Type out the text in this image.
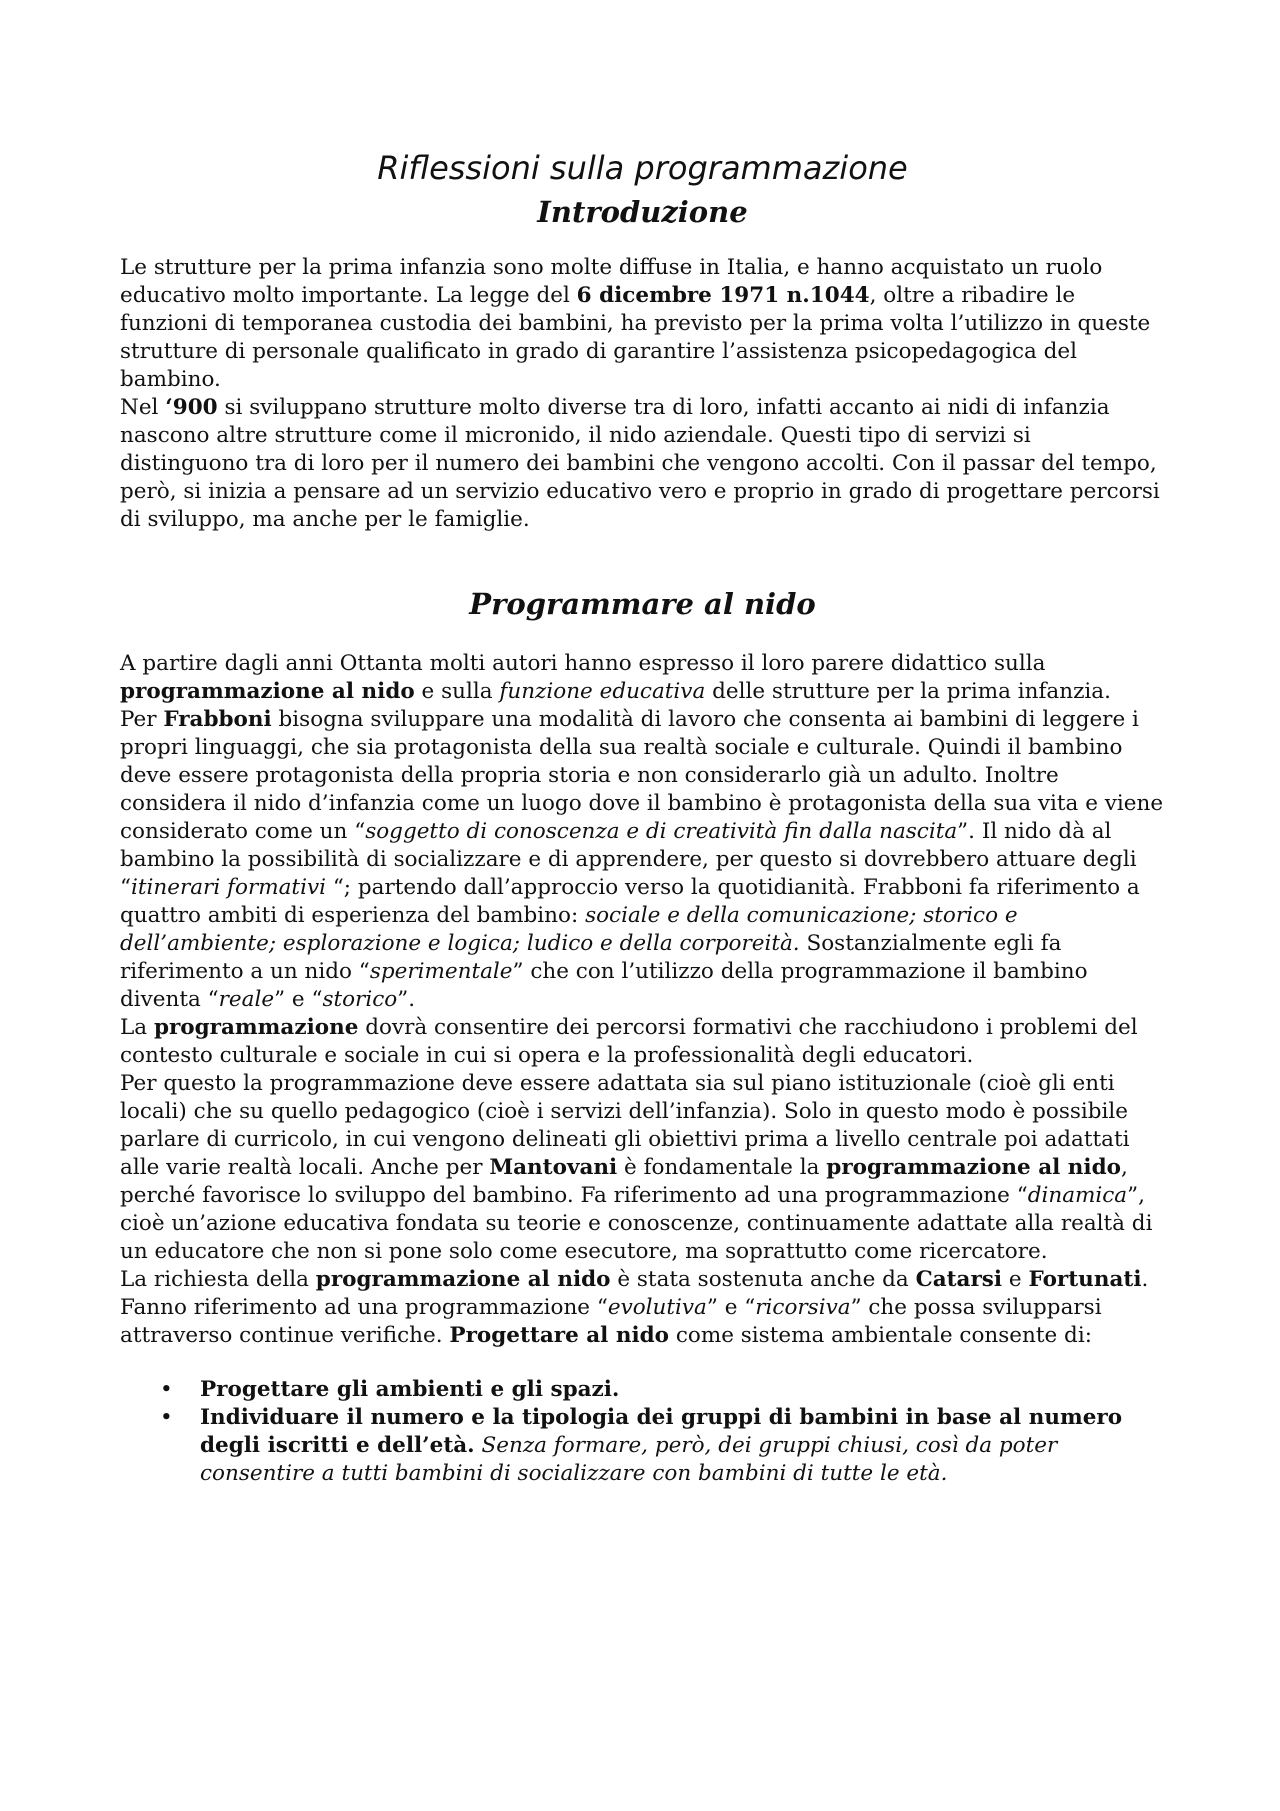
Riflessioni sulla programmazione
Introduzione

Le strutture per la prima infanzia sono molte diffuse in Italia, e hanno acquistato un ruolo educativo molto importante. La legge del 6 dicembre 1971 n.1044, oltre a ribadire le funzioni di temporanea custodia dei bambini, ha previsto per la prima volta l’utilizzo in queste strutture di personale qualificato in grado di garantire l’assistenza psicopedagogica del bambino.

Nel ‘900 si sviluppano strutture molto diverse tra di loro, infatti accanto ai nidi di infanzia nascono altre strutture come il micronido, il nido aziendale. Questi tipo di servizi si distinguono tra di loro per il numero dei bambini che vengono accolti. Con il passar del tempo, però, si inizia a pensare ad un servizio educativo vero e proprio in grado di progettare percorsi di sviluppo, ma anche per le famiglie.

Programmare al nido

A partire dagli anni Ottanta molti autori hanno espresso il loro parere didattico sulla programmazione al nido e sulla funzione educativa delle strutture per la prima infanzia.

Per Frabboni bisogna sviluppare una modalità di lavoro che consenta ai bambini di leggere i propri linguaggi, che sia protagonista della sua realtà sociale e culturale. Quindi il bambino deve essere protagonista della propria storia e non considerarlo già un adulto. Inoltre considera il nido d’infanzia come un luogo dove il bambino è protagonista della sua vita e viene considerato come un “soggetto di conoscenza e di creatività fin dalla nascita”. Il nido dà al bambino la possibilità di socializzare e di apprendere, per questo si dovrebbero attuare degli “itinerari formativi “; partendo dall’approccio verso la quotidianità. Frabboni fa riferimento a quattro ambiti di esperienza del bambino: sociale e della comunicazione; storico e dell’ambiente; esplorazione e logica; ludico e della corporeità. Sostanzialmente egli fa riferimento a un nido “sperimentale” che con l’utilizzo della programmazione il bambino diventa “reale” e “storico”.

La programmazione dovrà consentire dei percorsi formativi che racchiudono i problemi del contesto culturale e sociale in cui si opera e la professionalità degli educatori.

Per questo la programmazione deve essere adattata sia sul piano istituzionale (cioè gli enti locali) che su quello pedagogico (cioè i servizi dell’infanzia). Solo in questo modo è possibile parlare di curricolo, in cui vengono delineati gli obiettivi prima a livello centrale poi adattati alle varie realtà locali. Anche per Mantovani è fondamentale la programmazione al nido, perché favorisce lo sviluppo del bambino. Fa riferimento ad una programmazione “dinamica”, cioè un’azione educativa fondata su teorie e conoscenze, continuamente adattate alla realtà di un educatore che non si pone solo come esecutore, ma soprattutto come ricercatore.

La richiesta della programmazione al nido è stata sostenuta anche da Catarsi e Fortunati. Fanno riferimento ad una programmazione “evolutiva” e “ricorsiva” che possa svilupparsi attraverso continue verifiche. Progettare al nido come sistema ambientale consente di:

• Progettare gli ambienti e gli spazi.
• Individuare il numero e la tipologia dei gruppi di bambini in base al numero degli iscritti e dell’età. Senza formare, però, dei gruppi chiusi, così da poter consentire a tutti bambini di socializzare con bambini di tutte le età.
